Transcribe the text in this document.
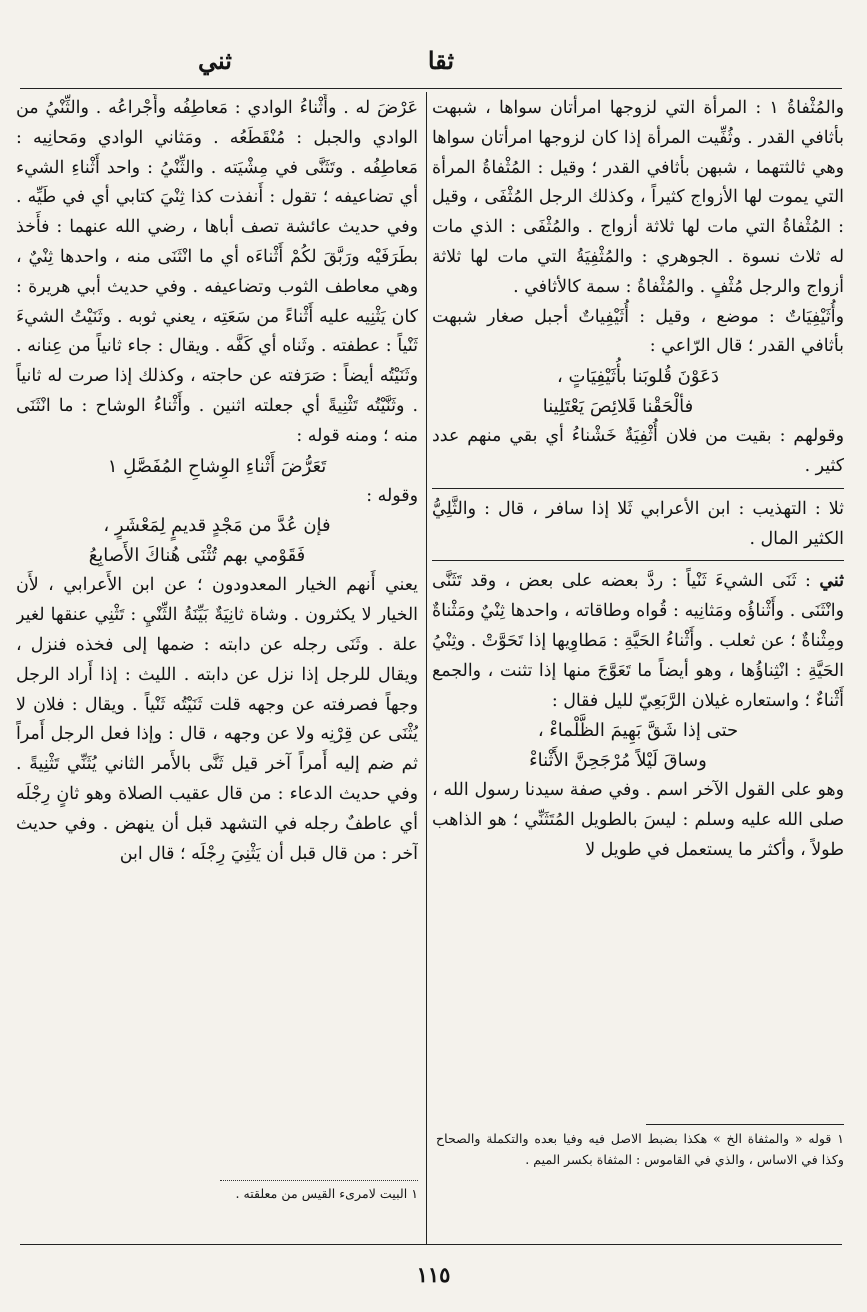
ثقا
ثني

والمُثْفاةُ ١ : المرأة التي لزوجها امرأتان سواها ، شبهت بأثافي القدر . وثُفِّيت المرأة إذا كان لزوجها امرأتان سواها وهي ثالثتهما ، شبهن بأثافي القدر ؛ وقيل : المُثْفاةُ المرأة التي يموت لها الأزواج كثيراً ، وكذلك الرجل المُثْفَى ، وقيل : المُثْفاةُ التي مات لها ثلاثة أزواج . والمُثْفَى : الذي مات له ثلاث نسوة . الجوهري : والمُثْفِيَةُ التي مات لها ثلاثة أزواج والرجل مُثْفٍ . والمُثْفاةُ : سمة كالأثافي .

وأُثَيْفِيَاتٌ : موضع ، وقيل : أُثَيْفِياتٌ أجبل صغار شبهت بأثافي القدر ؛ قال الرّاعي :

دَعَوْنَ قُلوبَنا بأُثَيْفِيَاتٍ ،

فألْحَقْنا قَلائِصَ يَعْتَلِينا

وقولهم : بقيت من فلان أُثْفِيَةٌ خَشْناءُ أي بقي منهم عدد كثير .

ثلا : التهذيب : ابن الأعرابي ثَلا إذا سافر ، قال : والثَّلِيُّ الكثير المال .

ثني : ثَنَى الشيءَ ثَنْياً : ردَّ بعضه على بعض ، وقد تَثَنَّى وانْثَنَى . وأَثْناؤُه ومَثانِيه : قُواه وطاقاته ، واحدها ثِنْيٌ ومَثْناةٌ ومِثْناةٌ ؛ عن ثعلب . وأَثْناءُ الحَيَّةِ : مَطاوِيها إذا تَحَوَّتْ . وثِنْيُ الحَيَّةِ : انْثِناؤُها ، وهو أيضاً ما تَعَوَّجَ منها إذا تثنت ، والجمع أَثْناءٌ ؛ واستعاره غيلان الرَّبَعِيّ لليل فقال :

حتى إذا شَقَّ بَهِيمَ الظَّلْماءْ ،

وساقَ لَيْلاً مُرْجَحِنَّ الأَثْناءْ

وهو على القول الآخر اسم . وفي صفة سيدنا رسول الله ، صلى الله عليه وسلم : ليسَ بالطويل المُتَثَنِّي ؛ هو الذاهب طولاً ، وأكثر ما يستعمل في طويل لا

١ قوله « والمثفاة الخ » هكذا بضبط الاصل فيه وفيا بعده والتكملة والصحاح وكذا في الاساس ، والذي في القاموس : المثفاة بكسر الميم .

عَرْضَ له . وأَثْناءُ الوادي : مَعاطِفُه وأَجْراعُه . والثِّنْيُ من الوادي والجبل : مُنْقَطَعُه . ومَثاني الوادي ومَحانِيه : مَعاطِفُه . وتَثَنَّى في مِشْيَته . والثِّنْيُ : واحد أَثْناءِ الشيء أي تضاعيفه ؛ تقول : أَنفذت كذا ثِنْيَ كتابي أي في طَيِّه . وفي حديث عائشة تصف أباها ، رضي الله عنهما : فأَخذ بطَرَفَيْه ورَبَّقَ لكُمْ أَثْناءَه أي ما انْثَنَى منه ، واحدها ثِنْيٌ ، وهي معاطف الثوب وتضاعيفه . وفي حديث أبي هريرة : كان يَثْنِيه عليه أَثْناءً من سَعَتِه ، يعني ثوبه . وثَنَيْتُ الشيءَ ثَنْياً : عطفته . وثَناه أي كَفَّه . ويقال : جاء ثانياً من عِنانه . وثَنَيْتُه أيضاً : صَرَفته عن حاجته ، وكذلك إذا صرت له ثانياً . وثَنَّيْتُه تَثْنِيةً أي جعلته اثنين . وأَثْناءُ الوشاح : ما انْثَنَى منه ؛ ومنه قوله :

تَعَرُّضَ أَثْناءِ الوِشاحِ المُفَصَّلِ ١

وقوله :

فإن عُدَّ من مَجْدٍ قديمٍ لِمَعْشَرٍ ،

فَقَوْمي بهم تُثْنَى هُناكَ الأَصابِعُ

يعني أَنهم الخيار المعدودون ؛ عن ابن الأَعرابي ، لأَن الخيار لا يكثرون . وشاة ثانِيَةٌ بَيِّنَةُ الثِّنْيِ : تَثْنِي عنقها لغير علة . وثَنَى رجله عن دابته : ضمها إلى فخذه فنزل ، ويقال للرجل إذا نزل عن دابته . الليث : إذا أَراد الرجل وجهاً فصرفته عن وجهه قلت ثَنَيْتُه ثَنْياً . ويقال : فلان لا يُثْنَى عن قِرْنِه ولا عن وجهه ، قال : وإذا فعل الرجل أَمراً ثم ضم إليه أَمراً آخر قيل ثَنَّى بالأَمر الثاني يُثَنِّي تَثْنِيةً . وفي حديث الدعاء : من قال عقيب الصلاة وهو ثانٍ رِجْلَه أي عاطفٌ رجله في التشهد قبل أن ينهض . وفي حديث آخر : من قال قبل أن يَثْنِيَ رِجْلَه ؛ قال ابن

١ البيت لامرىء القيس من معلقته .
١١٥
